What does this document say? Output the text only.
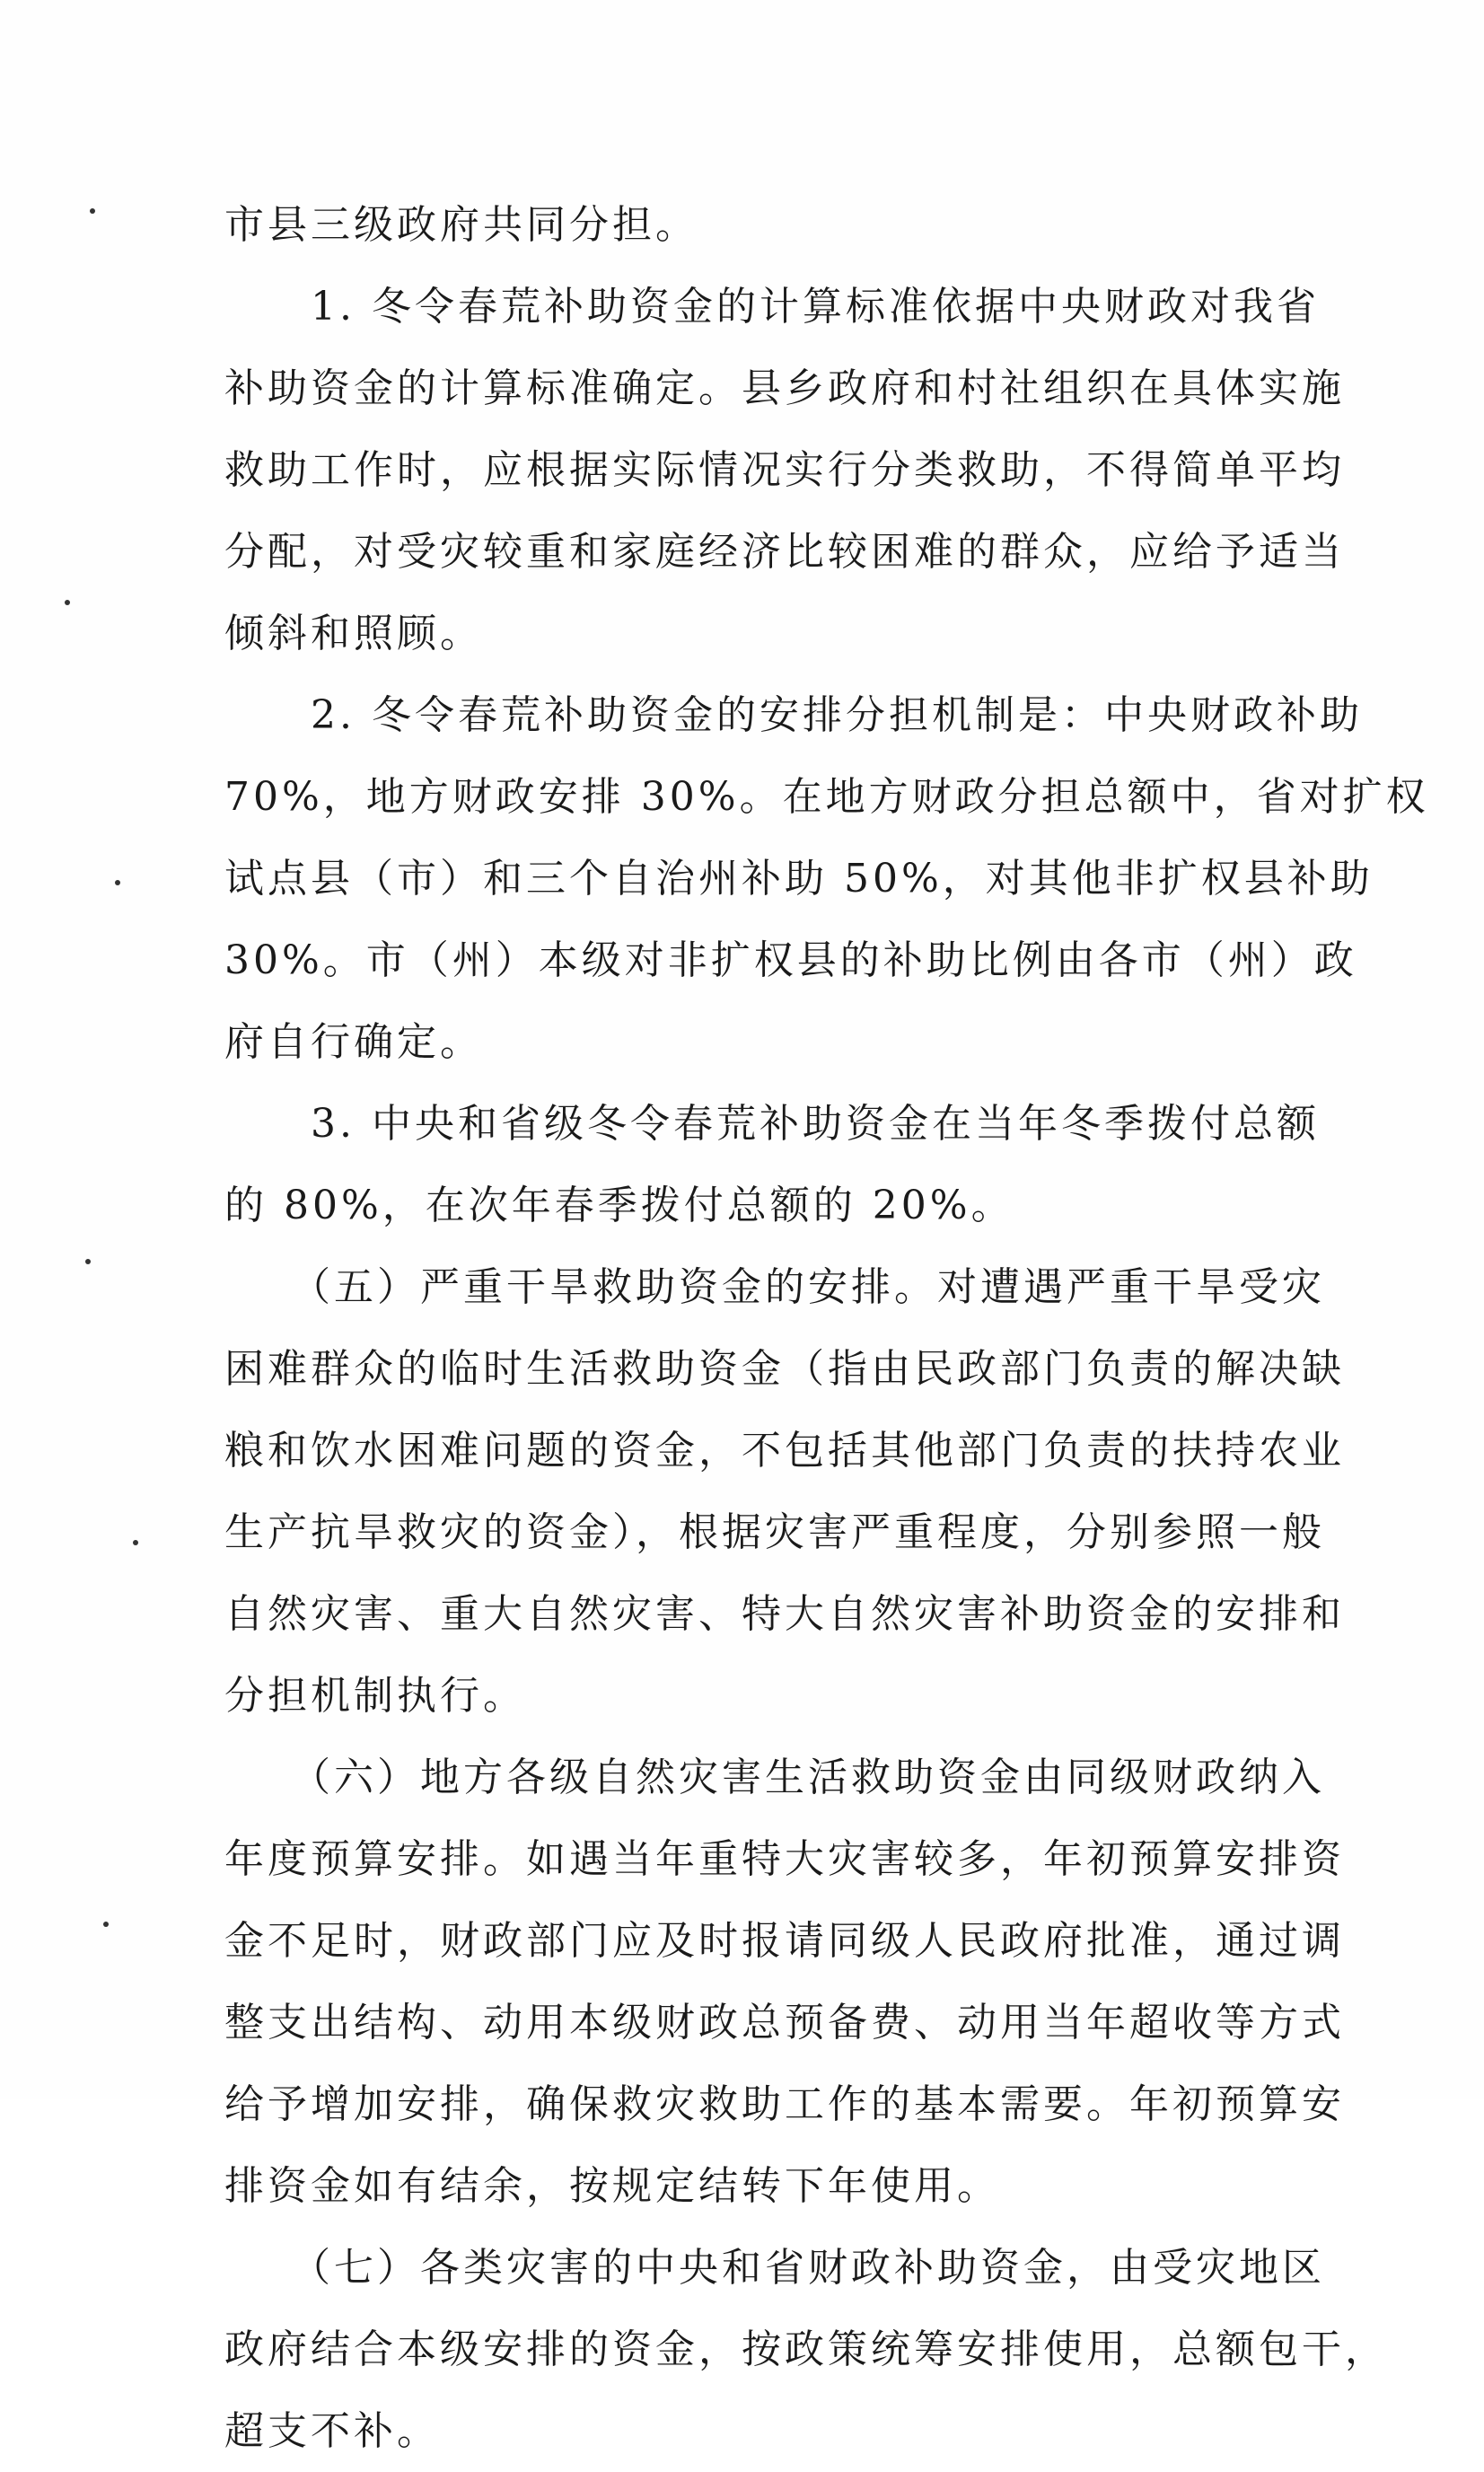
市县三级政府共同分担。
　　1. 冬令春荒补助资金的计算标准依据中央财政对我省
补助资金的计算标准确定。县乡政府和村社组织在具体实施
救助工作时，应根据实际情况实行分类救助，不得简单平均
分配，对受灾较重和家庭经济比较困难的群众，应给予适当
倾斜和照顾。
　　2. 冬令春荒补助资金的安排分担机制是：中央财政补助
70%，地方财政安排 30%。在地方财政分担总额中，省对扩权
试点县（市）和三个自治州补助 50%，对其他非扩权县补助
30%。市（州）本级对非扩权县的补助比例由各市（州）政
府自行确定。
　　3. 中央和省级冬令春荒补助资金在当年冬季拨付总额
的 80%，在次年春季拨付总额的 20%。
　　（五）严重干旱救助资金的安排。对遭遇严重干旱受灾
困难群众的临时生活救助资金（指由民政部门负责的解决缺
粮和饮水困难问题的资金，不包括其他部门负责的扶持农业
生产抗旱救灾的资金），根据灾害严重程度，分别参照一般
自然灾害、重大自然灾害、特大自然灾害补助资金的安排和
分担机制执行。
　　（六）地方各级自然灾害生活救助资金由同级财政纳入
年度预算安排。如遇当年重特大灾害较多，年初预算安排资
金不足时，财政部门应及时报请同级人民政府批准，通过调
整支出结构、动用本级财政总预备费、动用当年超收等方式
给予增加安排，确保救灾救助工作的基本需要。年初预算安
排资金如有结余，按规定结转下年使用。
　　（七）各类灾害的中央和省财政补助资金，由受灾地区
政府结合本级安排的资金，按政策统筹安排使用，总额包干，
超支不补。
